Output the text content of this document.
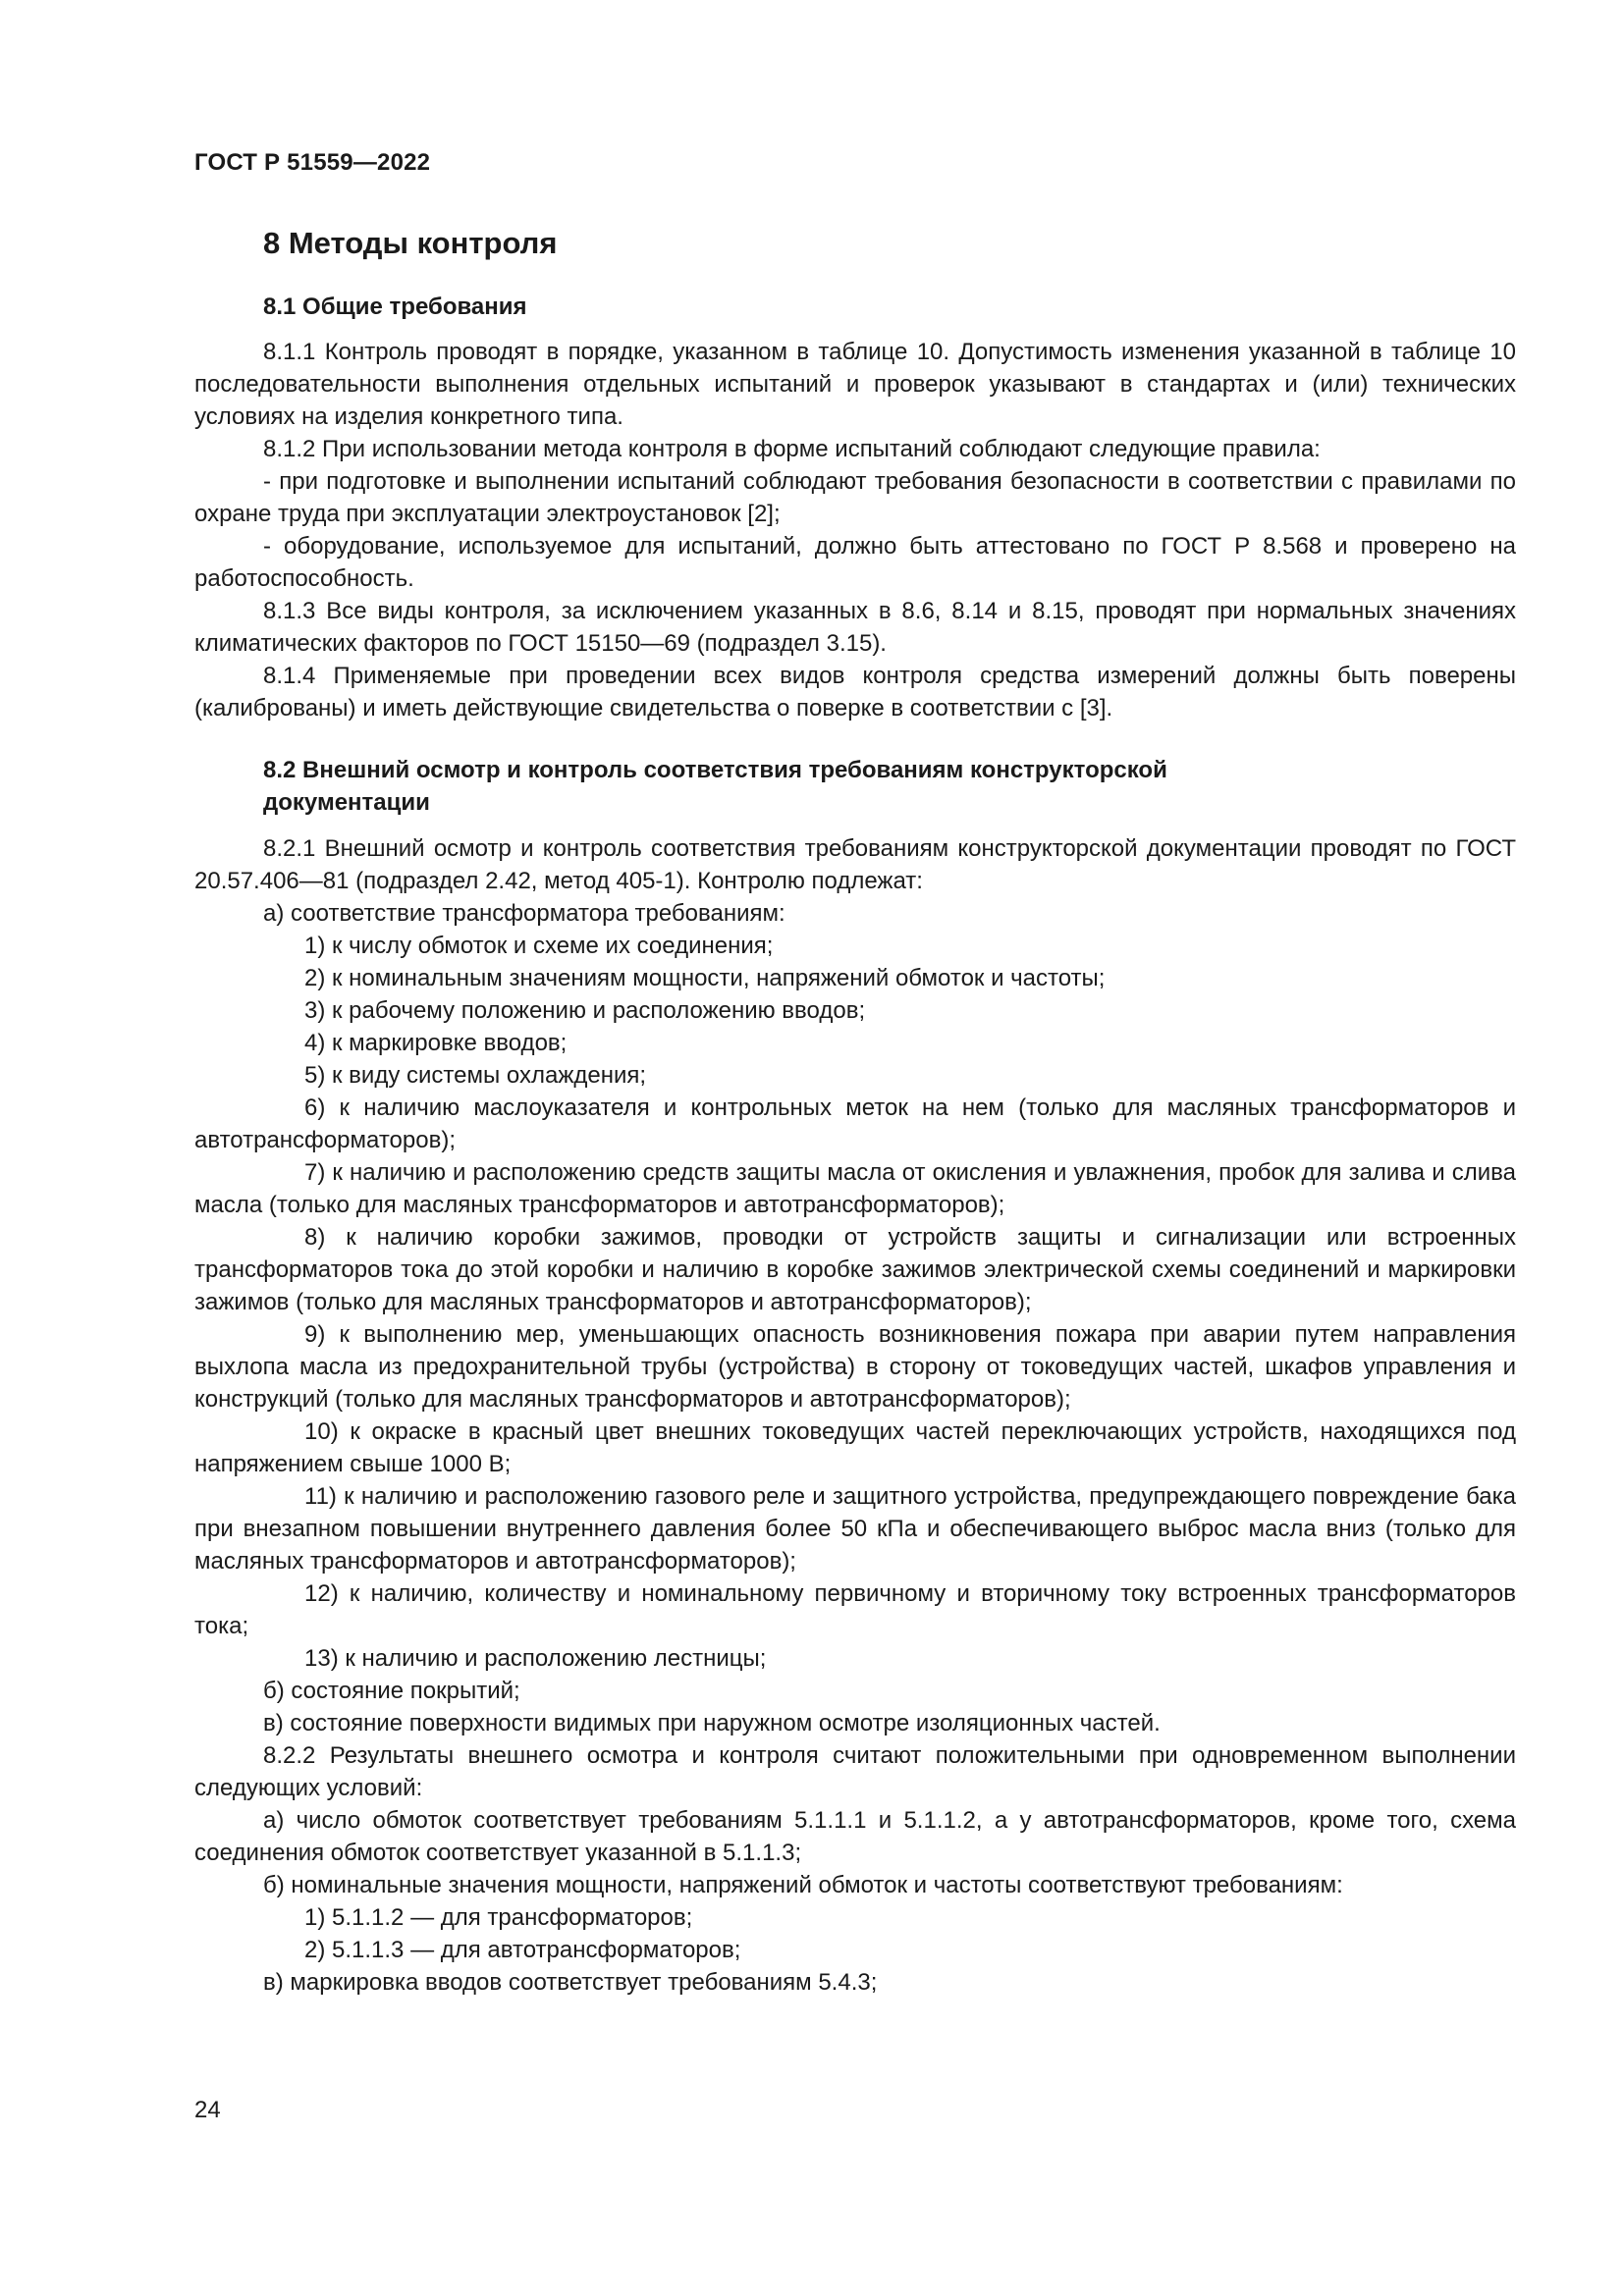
ГОСТ Р 51559—2022
8 Методы контроля
8.1 Общие требования

8.1.1 Контроль проводят в порядке, указанном в таблице 10. Допустимость изменения указанной в таблице 10 последовательности выполнения отдельных испытаний и проверок указывают в стандартах и (или) технических условиях на изделия конкретного типа.

8.1.2 При использовании метода контроля в форме испытаний соблюдают следующие правила:

- при подготовке и выполнении испытаний соблюдают требования безопасности в соответствии с правилами по охране труда при эксплуатации электроустановок [2];

- оборудование, используемое для испытаний, должно быть аттестовано по ГОСТ Р 8.568 и проверено на работоспособность.

8.1.3 Все виды контроля, за исключением указанных в 8.6, 8.14 и 8.15, проводят при нормальных значениях климатических факторов по ГОСТ 15150—69 (подраздел 3.15).

8.1.4 Применяемые при проведении всех видов контроля средства измерений должны быть поверены (калиброваны) и иметь действующие свидетельства о поверке в соответствии с [3].

8.2 Внешний осмотр и контроль соответствия требованиям конструкторской документации

8.2.1 Внешний осмотр и контроль соответствия требованиям конструкторской документации проводят по ГОСТ 20.57.406—81 (подраздел 2.42, метод 405-1). Контролю подлежат:

а) соответствие трансформатора требованиям:

1) к числу обмоток и схеме их соединения;

2) к номинальным значениям мощности, напряжений обмоток и частоты;

3) к рабочему положению и расположению вводов;

4) к маркировке вводов;

5) к виду системы охлаждения;

6) к наличию маслоуказателя и контрольных меток на нем (только для масляных трансформаторов и автотрансформаторов);

7) к наличию и расположению средств защиты масла от окисления и увлажнения, пробок для залива и слива масла (только для масляных трансформаторов и автотрансформаторов);

8) к наличию коробки зажимов, проводки от устройств защиты и сигнализации или встроенных трансформаторов тока до этой коробки и наличию в коробке зажимов электрической схемы соединений и маркировки зажимов (только для масляных трансформаторов и автотрансформаторов);

9) к выполнению мер, уменьшающих опасность возникновения пожара при аварии путем направления выхлопа масла из предохранительной трубы (устройства) в сторону от токоведущих частей, шкафов управления и конструкций (только для масляных трансформаторов и автотрансформаторов);

10) к окраске в красный цвет внешних токоведущих частей переключающих устройств, находящихся под напряжением свыше 1000 В;

11) к наличию и расположению газового реле и защитного устройства, предупреждающего повреждение бака при внезапном повышении внутреннего давления более 50 кПа и обеспечивающего выброс масла вниз (только для масляных трансформаторов и автотрансформаторов);

12) к наличию, количеству и номинальному первичному и вторичному току встроенных трансформаторов тока;

13) к наличию и расположению лестницы;

б) состояние покрытий;

в) состояние поверхности видимых при наружном осмотре изоляционных частей.

8.2.2 Результаты внешнего осмотра и контроля считают положительными при одновременном выполнении следующих условий:

а) число обмоток соответствует требованиям 5.1.1.1 и 5.1.1.2, а у автотрансформаторов, кроме того, схема соединения обмоток соответствует указанной в 5.1.1.3;

б) номинальные значения мощности, напряжений обмоток и частоты соответствуют требованиям:

1) 5.1.1.2 — для трансформаторов;

2) 5.1.1.3 — для автотрансформаторов;

в) маркировка вводов соответствует требованиям 5.4.3;

24
